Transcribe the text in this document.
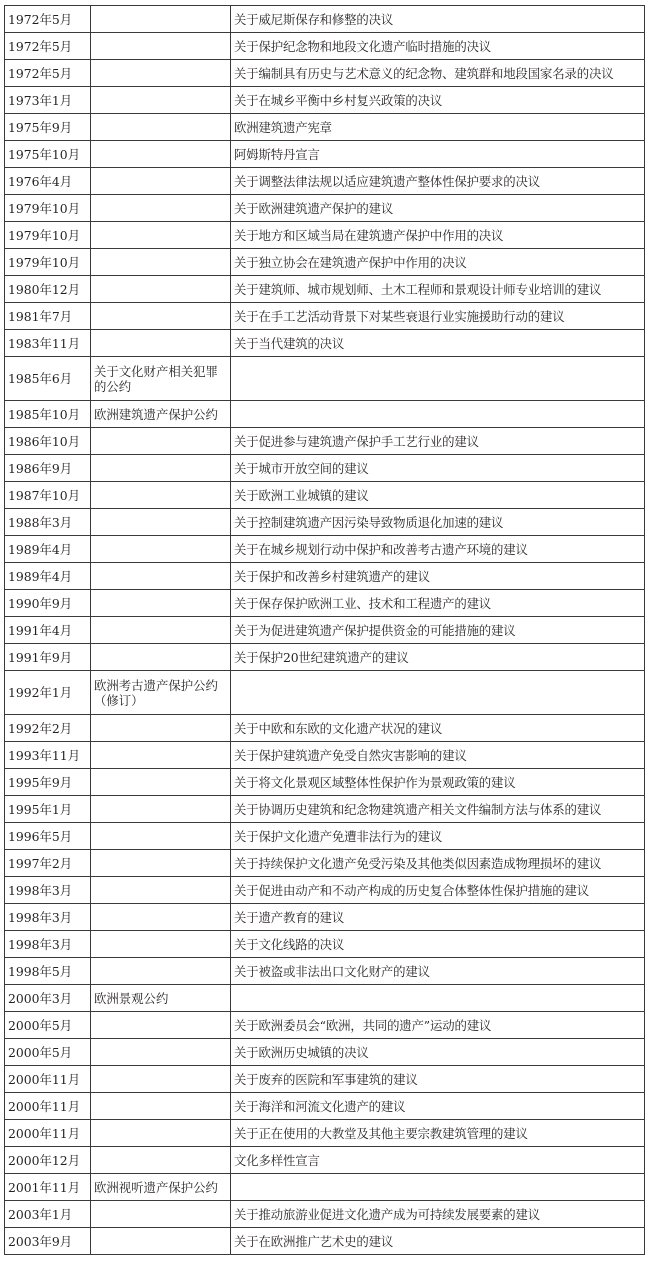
1972年5月		关于威尼斯保存和修整的决议
1972年5月		关于保护纪念物和地段文化遗产临时措施的决议
1972年5月		关于编制具有历史与艺术意义的纪念物、建筑群和地段国家名录的决议
1973年1月		关于在城乡平衡中乡村复兴政策的决议
1975年9月		欧洲建筑遗产宪章
1975年10月		阿姆斯特丹宣言
1976年4月		关于调整法律法规以适应建筑遗产整体性保护要求的决议
1979年10月		关于欧洲建筑遗产保护的建议
1979年10月		关于地方和区域当局在建筑遗产保护中作用的决议
1979年10月		关于独立协会在建筑遗产保护中作用的决议
1980年12月		关于建筑师、城市规划师、土木工程师和景观设计师专业培训的建议
1981年7月		关于在手工艺活动背景下对某些衰退行业实施援助行动的建议
1983年11月		关于当代建筑的决议
1985年6月	关于文化财产相关犯罪的公约	
1985年10月	欧洲建筑遗产保护公约	
1986年10月		关于促进参与建筑遗产保护手工艺行业的建议
1986年9月		关于城市开放空间的建议
1987年10月		关于欧洲工业城镇的建议
1988年3月		关于控制建筑遗产因污染导致物质退化加速的建议
1989年4月		关于在城乡规划行动中保护和改善考古遗产环境的建议
1989年4月		关于保护和改善乡村建筑遗产的建议
1990年9月		关于保存保护欧洲工业、技术和工程遗产的建议
1991年4月		关于为促进建筑遗产保护提供资金的可能措施的建议
1991年9月		关于保护20世纪建筑遗产的建议
1992年1月	欧洲考古遗产保护公约（修订）	
1992年2月		关于中欧和东欧的文化遗产状况的建议
1993年11月		关于保护建筑遗产免受自然灾害影响的建议
1995年9月		关于将文化景观区域整体性保护作为景观政策的建议
1995年1月		关于协调历史建筑和纪念物建筑遗产相关文件编制方法与体系的建议
1996年5月		关于保护文化遗产免遭非法行为的建议
1997年2月		关于持续保护文化遗产免受污染及其他类似因素造成物理损坏的建议
1998年3月		关于促进由动产和不动产构成的历史复合体整体性保护措施的建议
1998年3月		关于遗产教育的建议
1998年3月		关于文化线路的决议
1998年5月		关于被盗或非法出口文化财产的建议
2000年3月	欧洲景观公约	
2000年5月		关于欧洲委员会“欧洲，共同的遗产”运动的建议
2000年5月		关于欧洲历史城镇的决议
2000年11月		关于废弃的医院和军事建筑的建议
2000年11月		关于海洋和河流文化遗产的建议
2000年11月		关于正在使用的大教堂及其他主要宗教建筑管理的建议
2000年12月		文化多样性宣言
2001年11月	欧洲视听遗产保护公约	
2003年1月		关于推动旅游业促进文化遗产成为可持续发展要素的建议
2003年9月		关于在欧洲推广艺术史的建议
